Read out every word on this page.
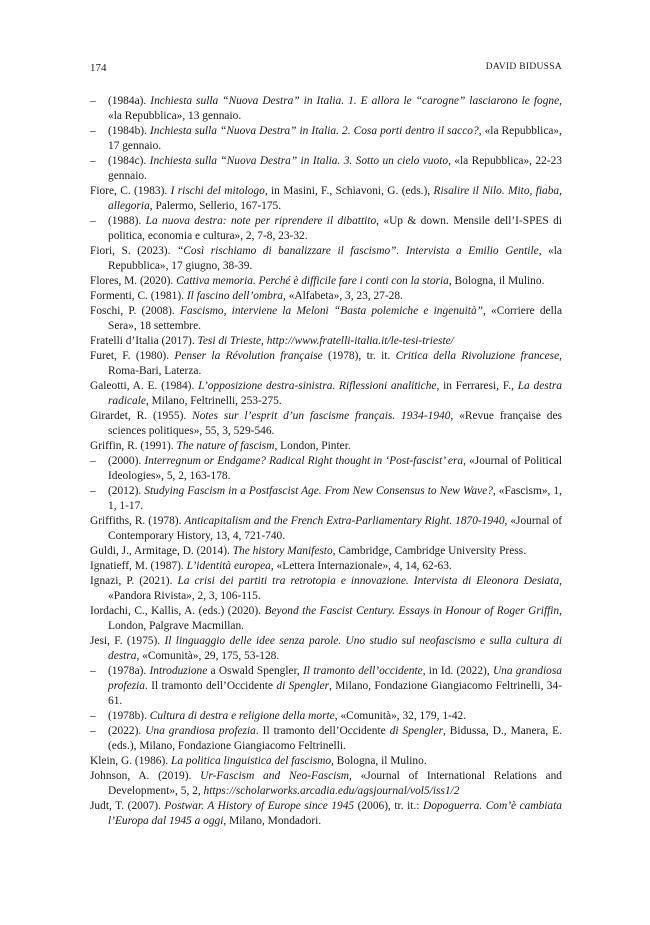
174	DAVID BIDUSSA

– (1984a). Inchiesta sulla “Nuova Destra” in Italia. 1. E allora le “carogne” lasciarono le fogne, «la Repubblica», 13 gennaio.

– (1984b). Inchiesta sulla “Nuova Destra” in Italia. 2. Cosa porti dentro il sacco?, «la Repubblica», 17 gennaio.

– (1984c). Inchiesta sulla “Nuova Destra” in Italia. 3. Sotto un cielo vuoto, «la Repubblica», 22-23 gennaio.

Fiore, C. (1983). I rischi del mitologo, in Masini, F., Schiavoni, G. (eds.), Risalire il Nilo. Mito, fiaba, allegoria, Palermo, Sellerio, 167-175.

– (1988). La nuova destra: note per riprendere il dibattito, «Up & down. Mensile dell’I-SPES di politica, economia e cultura», 2, 7-8, 23-32.

Fiori, S. (2023). “Così rischiamo di banalizzare il fascismo”. Intervista a Emilio Gentile, «la Repubblica», 17 giugno, 38-39.

Flores, M. (2020). Cattiva memoria. Perché è difficile fare i conti con la storia, Bologna, il Mulino.

Formenti, C. (1981). Il fascino dell’ombra, «Alfabeta», 3, 23, 27-28.

Foschi, P. (2008). Fascismo, interviene la Meloni “Basta polemiche e ingenuità”, «Corriere della Sera», 18 settembre.

Fratelli d’Italia (2017). Tesi di Trieste, http://www.fratelli-italia.it/le-tesi-trieste/

Furet, F. (1980). Penser la Révolution française (1978), tr. it. Critica della Rivoluzione francese, Roma-Bari, Laterza.

Galeotti, A. E. (1984). L’opposizione destra-sinistra. Riflessioni analitiche, in Ferraresi, F., La destra radicale, Milano, Feltrinelli, 253-275.

Girardet, R. (1955). Notes sur l’esprit d’un fascisme français. 1934-1940, «Revue française des sciences politiques», 55, 3, 529-546.

Griffin, R. (1991). The nature of fascism, London, Pinter.

– (2000). Interregnum or Endgame? Radical Right thought in ‘Post-fascist’ era, «Journal of Political Ideologies», 5, 2, 163-178.

– (2012). Studying Fascism in a Postfascist Age. From New Consensus to New Wave?, «Fascism», 1, 1, 1-17.

Griffiths, R. (1978). Anticapitalism and the French Extra-Parliamentary Right. 1870-1940, «Journal of Contemporary History, 13, 4, 721-740.

Guldi, J., Armitage, D. (2014). The history Manifesto, Cambridge, Cambridge University Press.

Ignatieff, M. (1987). L’identità europea, «Lettera Internazionale», 4, 14, 62-63.

Ignazi, P. (2021). La crisi dei partiti tra retrotopia e innovazione. Intervista di Eleonora Desiata, «Pandora Rivista», 2, 3, 106-115.

Iordachi, C., Kallis, A. (eds.) (2020). Beyond the Fascist Century. Essays in Honour of Roger Griffin, London, Palgrave Macmillan.

Jesi, F. (1975). Il linguaggio delle idee senza parole. Uno studio sul neofascismo e sulla cultura di destra, «Comunità», 29, 175, 53-128.

– (1978a). Introduzione a Oswald Spengler, Il tramonto dell’occidente, in Id. (2022), Una grandiosa profezia. Il tramonto dell’Occidente di Spengler, Milano, Fondazione Giangiacomo Feltrinelli, 34-61.

– (1978b). Cultura di destra e religione della morte, «Comunità», 32, 179, 1-42.

– (2022). Una grandiosa profezia. Il tramonto dell’Occidente di Spengler, Bidussa, D., Manera, E. (eds.), Milano, Fondazione Giangiacomo Feltrinelli.

Klein, G. (1986). La politica linguistica del fascismo, Bologna, il Mulino.

Johnson, A. (2019). Ur-Fascism and Neo-Fascism, «Journal of International Relations and Development», 5, 2, https://scholarworks.arcadia.edu/agsjournal/vol5/iss1/2

Judt, T. (2007). Postwar. A History of Europe since 1945 (2006), tr. it.: Dopoguerra. Com’è cambiata l’Europa dal 1945 a oggi, Milano, Mondadori.
